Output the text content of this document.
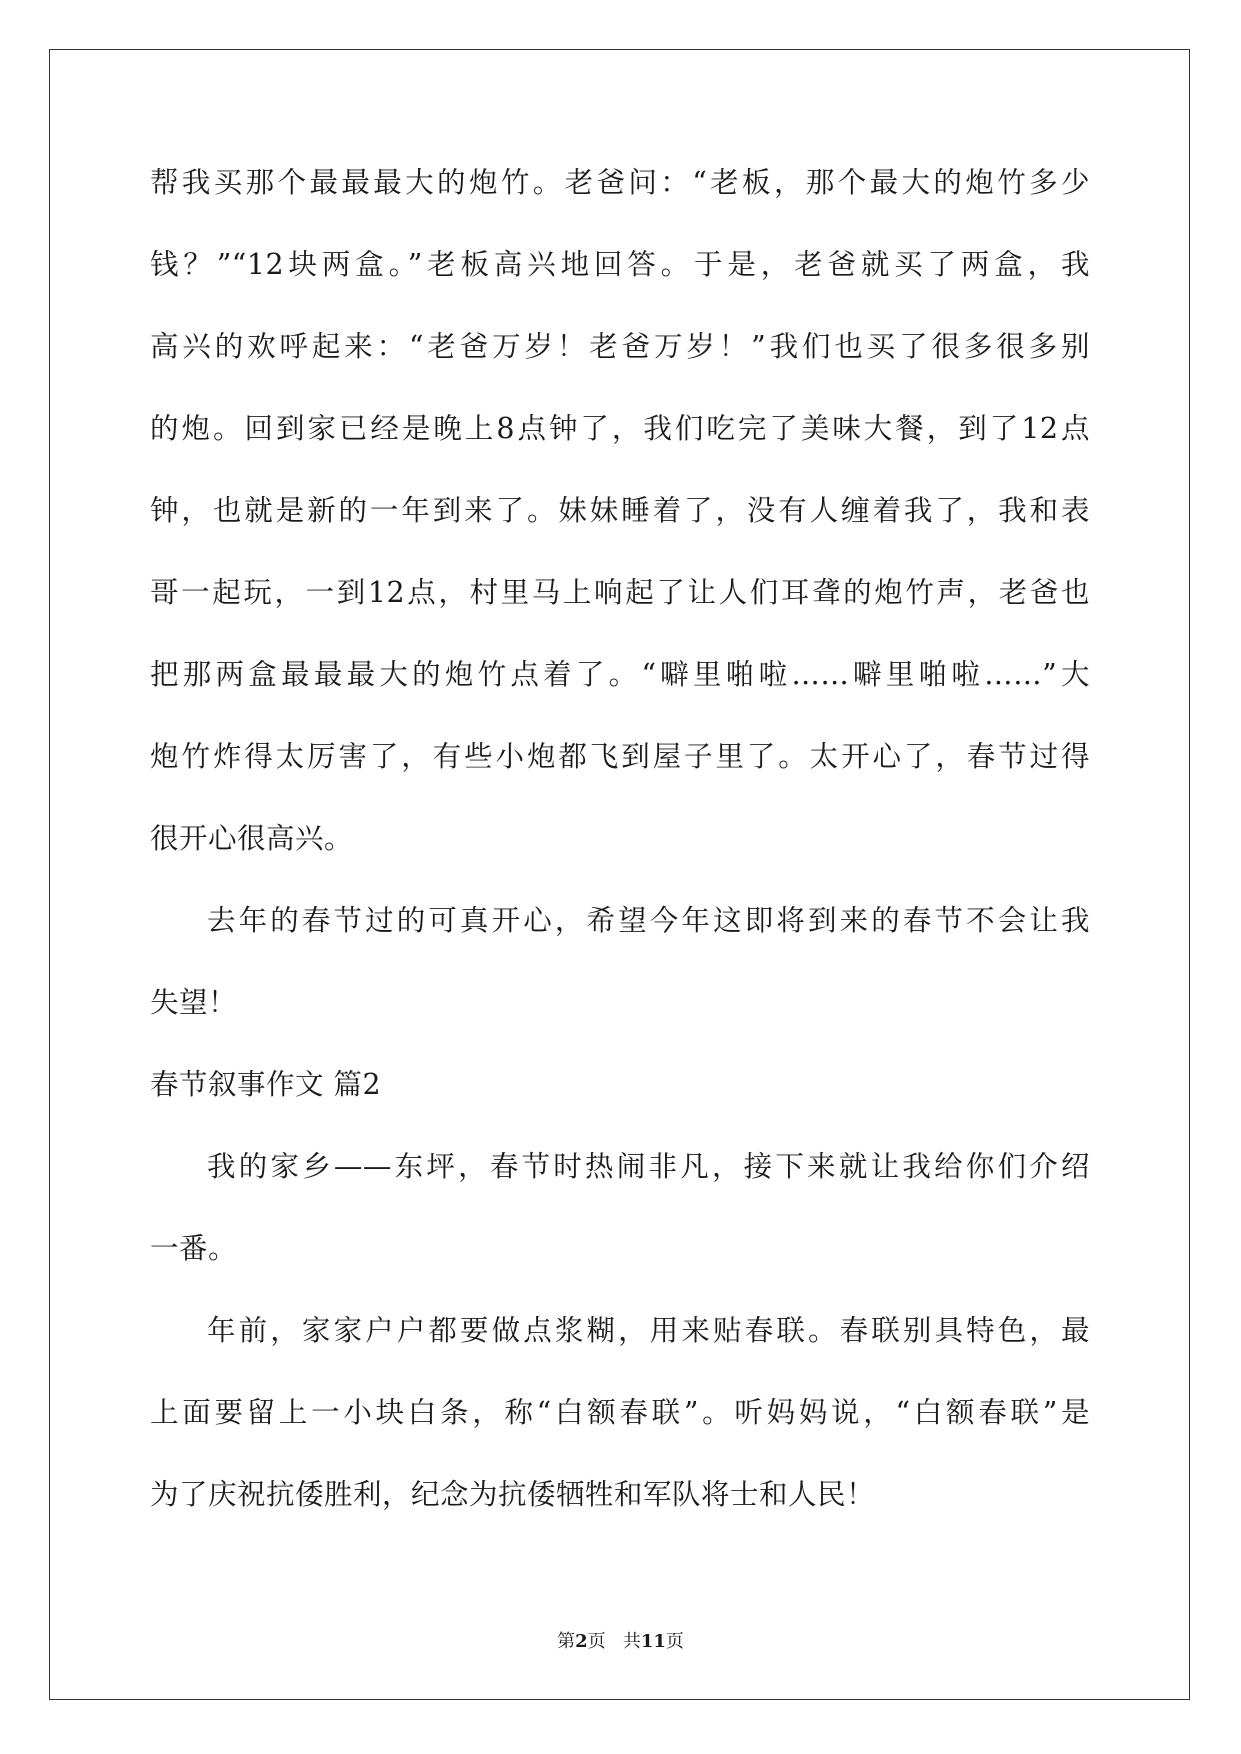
帮我买那个最最最大的炮竹。老爸问：“老板，那个最大的炮竹多少
钱？”“12块两盒。”老板高兴地回答。于是，老爸就买了两盒，我
高兴的欢呼起来：“老爸万岁！老爸万岁！”我们也买了很多很多别
的炮。回到家已经是晚上8点钟了，我们吃完了美味大餐，到了12点
钟，也就是新的一年到来了。妹妹睡着了，没有人缠着我了，我和表
哥一起玩，一到12点，村里马上响起了让人们耳聋的炮竹声，老爸也
把那两盒最最最大的炮竹点着了。“噼里啪啦……噼里啪啦……”大
炮竹炸得太厉害了，有些小炮都飞到屋子里了。太开心了，春节过得
很开心很高兴。
去年的春节过的可真开心，希望今年这即将到来的春节不会让我
失望！
春节叙事作文 篇2
我的家乡——东坪，春节时热闹非凡，接下来就让我给你们介绍
一番。
年前，家家户户都要做点浆糊，用来贴春联。春联别具特色，最
上面要留上一小块白条，称“白额春联”。听妈妈说，“白额春联”是
为了庆祝抗倭胜利，纪念为抗倭牺牲和军队将士和人民！
第2页 共11页
